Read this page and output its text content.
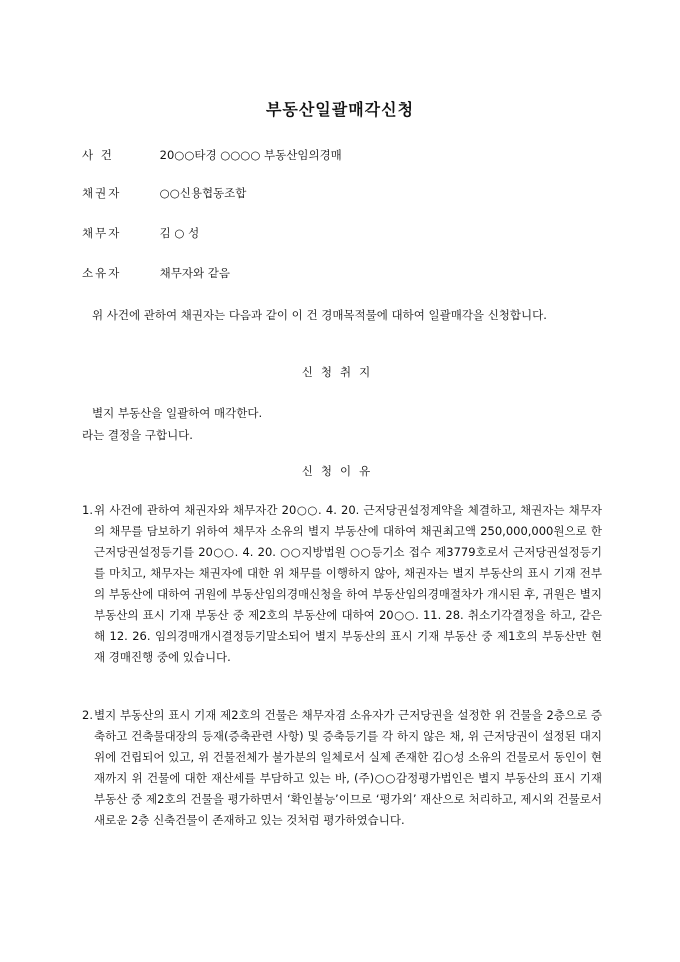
부동산일괄매각신청
사 건	20○○타경 ○○○○ 부동산임의경매
채권자	○○신용협동조합
채무자	김 ○ 성
소유자	채무자와 같음
위 사건에 관하여 채권자는 다음과 같이 이 건 경매목적물에 대하여 일괄매각을 신청합니다.
신청취지
별지 부동산을 일괄하여 매각한다.
라는 결정을 구합니다.
신청이유
1. 위 사건에 관하여 채권자와 채무자간 20○○. 4. 20. 근저당권설정계약을 체결하고, 채권자는 채무자의 채무를 담보하기 위하여 채무자 소유의 별지 부동산에 대하여 채권최고액 250,000,000원으로 한 근저당권설정등기를 20○○. 4. 20. ○○지방법원 ○○등기소 접수 제3779호로서 근저당권설정등기를 마치고, 채무자는 채권자에 대한 위 채무를 이행하지 않아, 채권자는 별지 부동산의 표시 기재 전부의 부동산에 대하여 귀원에 부동산임의경매신청을 하여 부동산임의경매절차가 개시된 후, 귀원은 별지 부동산의 표시 기재 부동산 중 제2호의 부동산에 대하여 20○○. 11. 28. 취소기각결정을 하고, 같은 해 12. 26. 임의경매개시결정등기말소되어 별지 부동산의 표시 기재 부동산 중 제1호의 부동산만 현재 경매진행 중에 있습니다.
2. 별지 부동산의 표시 기재 제2호의 건물은 채무자겸 소유자가 근저당권을 설정한 위 건물을 2층으로 증축하고 건축물대장의 등재(증축관련 사항) 및 증축등기를 각 하지 않은 채, 위 근저당권이 설정된 대지위에 건립되어 있고, 위 건물전체가 불가분의 일체로서 실제 존재한 김○성 소유의 건물로서 동인이 현재까지 위 건물에 대한 재산세를 부담하고 있는 바, (주)○○감정평가법인은 별지 부동산의 표시 기재 부동산 중 제2호의 건물을 평가하면서 ‘확인불능’이므로 ‘평가외’ 재산으로 처리하고, 제시외 건물로서 새로운 2층 신축건물이 존재하고 있는 것처럼 평가하였습니다.
